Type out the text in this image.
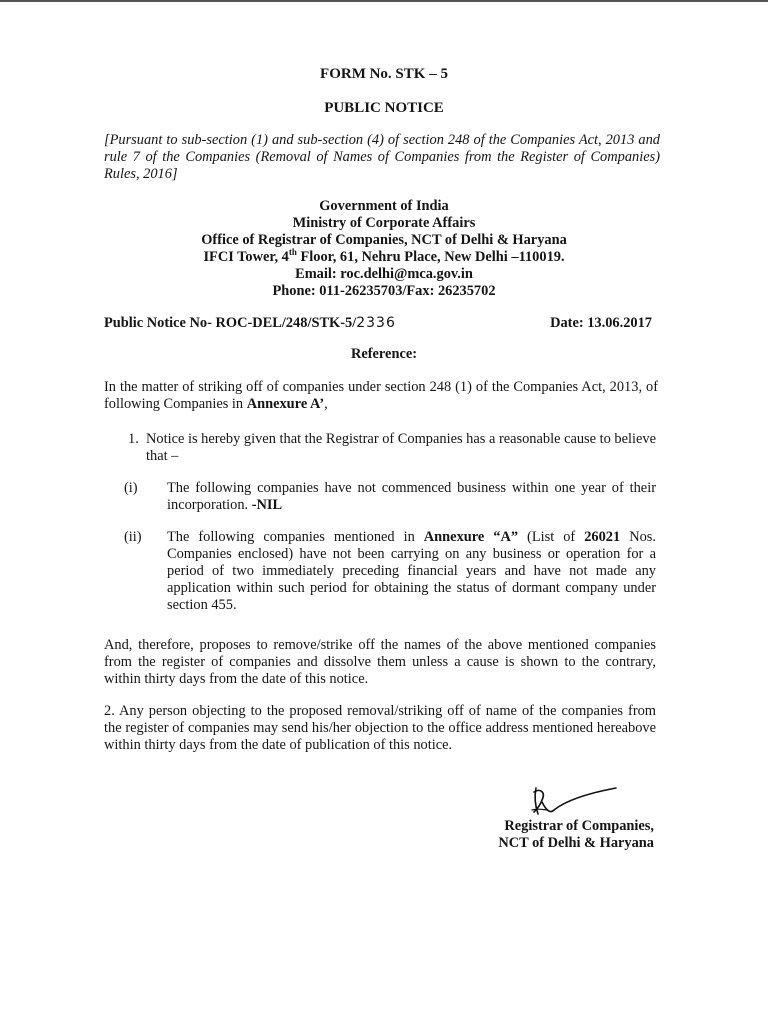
FORM No. STK – 5
PUBLIC NOTICE
[Pursuant to sub-section (1) and sub-section (4) of section 248 of the Companies Act, 2013 and rule 7 of the Companies (Removal of Names of Companies from the Register of Companies) Rules, 2016]
Government of India
Ministry of Corporate Affairs
Office of Registrar of Companies, NCT of Delhi & Haryana
IFCI Tower, 4th Floor, 61, Nehru Place, New Delhi –110019.
Email: roc.delhi@mca.gov.in
Phone: 011-26235703/Fax: 26235702
Public Notice No- ROC-DEL/248/STK-5/2336	Date: 13.06.2017
Reference:
In the matter of striking off of companies under section 248 (1) of the Companies Act, 2013, of following Companies in Annexure A’,
1. Notice is hereby given that the Registrar of Companies has a reasonable cause to believe that –
(i) The following companies have not commenced business within one year of their incorporation. -NIL
(ii) The following companies mentioned in Annexure “A” (List of 26021 Nos. Companies enclosed) have not been carrying on any business or operation for a period of two immediately preceding financial years and have not made any application within such period for obtaining the status of dormant company under section 455.
And, therefore, proposes to remove/strike off the names of the above mentioned companies from the register of companies and dissolve them unless a cause is shown to the contrary, within thirty days from the date of this notice.
2. Any person objecting to the proposed removal/striking off of name of the companies from the register of companies may send his/her objection to the office address mentioned hereabove within thirty days from the date of publication of this notice.
Registrar of Companies,
NCT of Delhi & Haryana
